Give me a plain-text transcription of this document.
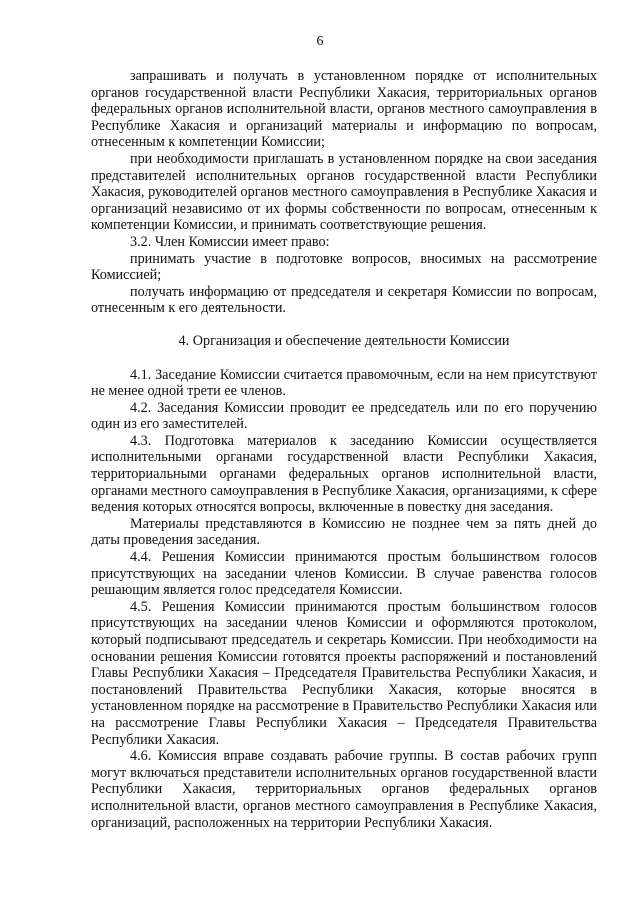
6

запрашивать и получать в установленном порядке от исполнительных органов государственной власти Республики Хакасия, территориальных органов федеральных органов исполнительной власти, органов местного самоуправления в Республике Хакасия и организаций материалы и информацию по вопросам, отнесенным к компетенции Комиссии;

при необходимости приглашать в установленном порядке на свои заседания представителей исполнительных органов государственной власти Республики Хакасия, руководителей органов местного самоуправления в Республике Хакасия и организаций независимо от их формы собственности по вопросам, отнесенным к компетенции Комиссии, и принимать соответствующие решения.

3.2. Член Комиссии имеет право:

принимать участие в подготовке вопросов, вносимых на рассмотрение Комиссией;

получать информацию от председателя и секретаря Комиссии по вопросам, отнесенным к его деятельности.

4. Организация и обеспечение деятельности Комиссии

4.1. Заседание Комиссии считается правомочным, если на нем присутствуют не менее одной трети ее членов.

4.2. Заседания Комиссии проводит ее председатель или по его поручению один из его заместителей.

4.3. Подготовка материалов к заседанию Комиссии осуществляется исполнительными органами государственной власти Республики Хакасия, территориальными органами федеральных органов исполнительной власти, органами местного самоуправления в Республике Хакасия, организациями, к сфере ведения которых относятся вопросы, включенные в повестку дня заседания.

Материалы представляются в Комиссию не позднее чем за пять дней до даты проведения заседания.

4.4. Решения Комиссии принимаются простым большинством голосов присутствующих на заседании членов Комиссии. В случае равенства голосов решающим является голос председателя Комиссии.

4.5. Решения Комиссии принимаются простым большинством голосов присутствующих на заседании членов Комиссии и оформляются протоколом, который подписывают председатель и секретарь Комиссии. При необходимости на основании решения Комиссии готовятся проекты распоряжений и постановлений Главы Республики Хакасия – Председателя Правительства Республики Хакасия, и постановлений Правительства Республики Хакасия, которые вносятся в установленном порядке на рассмотрение в Правительство Республики Хакасия или на рассмотрение Главы Республики Хакасия – Председателя Правительства Республики Хакасия.

4.6. Комиссия вправе создавать рабочие группы. В состав рабочих групп могут включаться представители исполнительных органов государственной власти Республики Хакасия, территориальных органов федеральных органов исполнительной власти, органов местного самоуправления в Республике Хакасия, организаций, расположенных на территории Республики Хакасия.
